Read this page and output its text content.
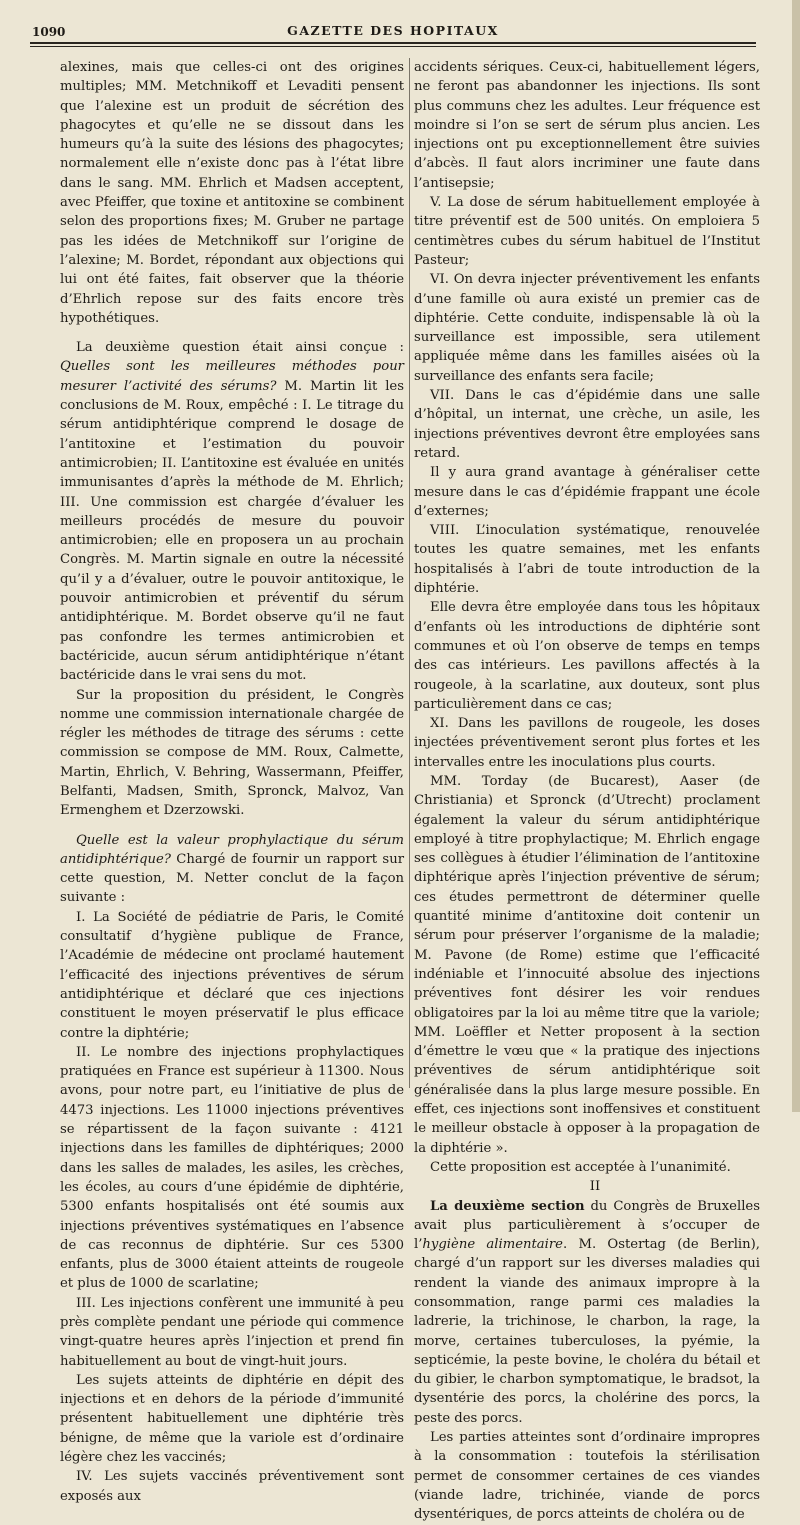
1090	GAZETTE DES HOPITAUX

alexines, mais que celles-ci ont des origines multiples; MM. Metchnikoff et Levaditi pensent que l’alexine est un produit de sécrétion des phagocytes et qu’elle ne se dissout dans les humeurs qu’à la suite des lésions des phagocytes; normalement elle n’existe donc pas à l’état libre dans le sang. MM. Ehrlich et Madsen acceptent, avec Pfeiffer, que toxine et antitoxine se combinent selon des proportions fixes; M. Gruber ne partage pas les idées de Metchnikoff sur l’origine de l’alexine; M. Bordet, répondant aux objections qui lui ont été faites, fait observer que la théorie d’Ehrlich repose sur des faits encore très hypothétiques.

La deuxième question était ainsi conçue : Quelles sont les meilleures méthodes pour mesurer l’activité des sérums? M. Martin lit les conclusions de M. Roux, empêché : I. Le titrage du sérum antidiphtérique comprend le dosage de l’antitoxine et l’estimation du pouvoir antimicrobien; II. L’antitoxine est évaluée en unités immunisantes d’après la méthode de M. Ehrlich; III. Une commission est chargée d’évaluer les meilleurs procédés de mesure du pouvoir antimicrobien; elle en proposera un au prochain Congrès. M. Martin signale en outre la nécessité qu’il y a d’évaluer, outre le pouvoir antitoxique, le pouvoir antimicrobien et préventif du sérum antidiphtérique. M. Bordet observe qu’il ne faut pas confondre les termes antimicrobien et bactéricide, aucun sérum antidiphtérique n’étant bactéricide dans le vrai sens du mot.

Sur la proposition du président, le Congrès nomme une commission internationale chargée de régler les méthodes de titrage des sérums : cette commission se compose de MM. Roux, Calmette, Martin, Ehrlich, V. Behring, Wassermann, Pfeiffer, Belfanti, Madsen, Smith, Spronck, Malvoz, Van Ermenghem et Dzerzowski.

Quelle est la valeur prophylactique du sérum antidiphtérique? Chargé de fournir un rapport sur cette question, M. Netter conclut de la façon suivante :

I. La Société de pédiatrie de Paris, le Comité consultatif d’hygiène publique de France, l’Académie de médecine ont proclamé hautement l’efficacité des injections préventives de sérum antidiphtérique et déclaré que ces injections constituent le moyen préservatif le plus efficace contre la diphtérie;

II. Le nombre des injections prophylactiques pratiquées en France est supérieur à 11300. Nous avons, pour notre part, eu l’initiative de plus de 4473 injections. Les 11000 injections préventives se répartissent de la façon suivante : 4121 injections dans les familles de diphtériques; 2000 dans les salles de malades, les asiles, les crèches, les écoles, au cours d’une épidémie de diphtérie, 5300 enfants hospitalisés ont été soumis aux injections préventives systématiques en l’absence de cas reconnus de diphtérie. Sur ces 5300 enfants, plus de 3000 étaient atteints de rougeole et plus de 1000 de scarlatine;

III. Les injections confèrent une immunité à peu près complète pendant une période qui commence vingt-quatre heures après l’injection et prend fin habituellement au bout de vingt-huit jours.

Les sujets atteints de diphtérie en dépit des injections et en dehors de la période d’immunité présentent habituellement une diphtérie très bénigne, de même que la variole est d’ordinaire légère chez les vaccinés;

IV. Les sujets vaccinés préventivement sont exposés aux

accidents sériques. Ceux-ci, habituellement légers, ne feront pas abandonner les injections. Ils sont plus communs chez les adultes. Leur fréquence est moindre si l’on se sert de sérum plus ancien. Les injections ont pu exceptionnellement être suivies d’abcès. Il faut alors incriminer une faute dans l’antisepsie;

V. La dose de sérum habituellement employée à titre préventif est de 500 unités. On emploiera 5 centimètres cubes du sérum habituel de l’Institut Pasteur;

VI. On devra injecter préventivement les enfants d’une famille où aura existé un premier cas de diphtérie. Cette conduite, indispensable là où la surveillance est impossible, sera utilement appliquée même dans les familles aisées où la surveillance des enfants sera facile;

VII. Dans le cas d’épidémie dans une salle d’hôpital, un internat, une crèche, un asile, les injections préventives devront être employées sans retard.

Il y aura grand avantage à généraliser cette mesure dans le cas d’épidémie frappant une école d’externes;

VIII. L’inoculation systématique, renouvelée toutes les quatre semaines, met les enfants hospitalisés à l’abri de toute introduction de la diphtérie.

Elle devra être employée dans tous les hôpitaux d’enfants où les introductions de diphtérie sont communes et où l’on observe de temps en temps des cas intérieurs. Les pavillons affectés à la rougeole, à la scarlatine, aux douteux, sont plus particulièrement dans ce cas;

XI. Dans les pavillons de rougeole, les doses injectées préventivement seront plus fortes et les intervalles entre les inoculations plus courts.

MM. Torday (de Bucarest), Aaser (de Christiania) et Spronck (d’Utrecht) proclament également la valeur du sérum antidiphtérique employé à titre prophylactique; M. Ehrlich engage ses collègues à étudier l’élimination de l’antitoxine diphtérique après l’injection préventive de sérum; ces études permettront de déterminer quelle quantité minime d’antitoxine doit contenir un sérum pour préserver l’organisme de la maladie; M. Pavone (de Rome) estime que l’efficacité indéniable et l’innocuité absolue des injections préventives font désirer les voir rendues obligatoires par la loi au même titre que la variole; MM. Loëffler et Netter proposent à la section d’émettre le vœu que « la pratique des injections préventives de sérum antidiphtérique soit généralisée dans la plus large mesure possible. En effet, ces injections sont inoffensives et constituent le meilleur obstacle à opposer à la propagation de la diphtérie ».

Cette proposition est acceptée à l’unanimité.

II

La deuxième section du Congrès de Bruxelles avait plus particulièrement à s’occuper de l’hygiène alimentaire. M. Ostertag (de Berlin), chargé d’un rapport sur les diverses maladies qui rendent la viande des animaux impropre à la consommation, range parmi ces maladies la ladrerie, la trichinose, le charbon, la rage, la morve, certaines tuberculoses, la pyémie, la septicémie, la peste bovine, le choléra du bétail et du gibier, le charbon symptomatique, le bradsot, la dysentérie des porcs, la cholérine des porcs, la peste des porcs.

Les parties atteintes sont d’ordinaire impropres à la consommation : toutefois la stérilisation permet de consommer certaines de ces viandes (viande ladre, trichinée, viande de porcs dysentériques, de porcs atteints de choléra ou de
